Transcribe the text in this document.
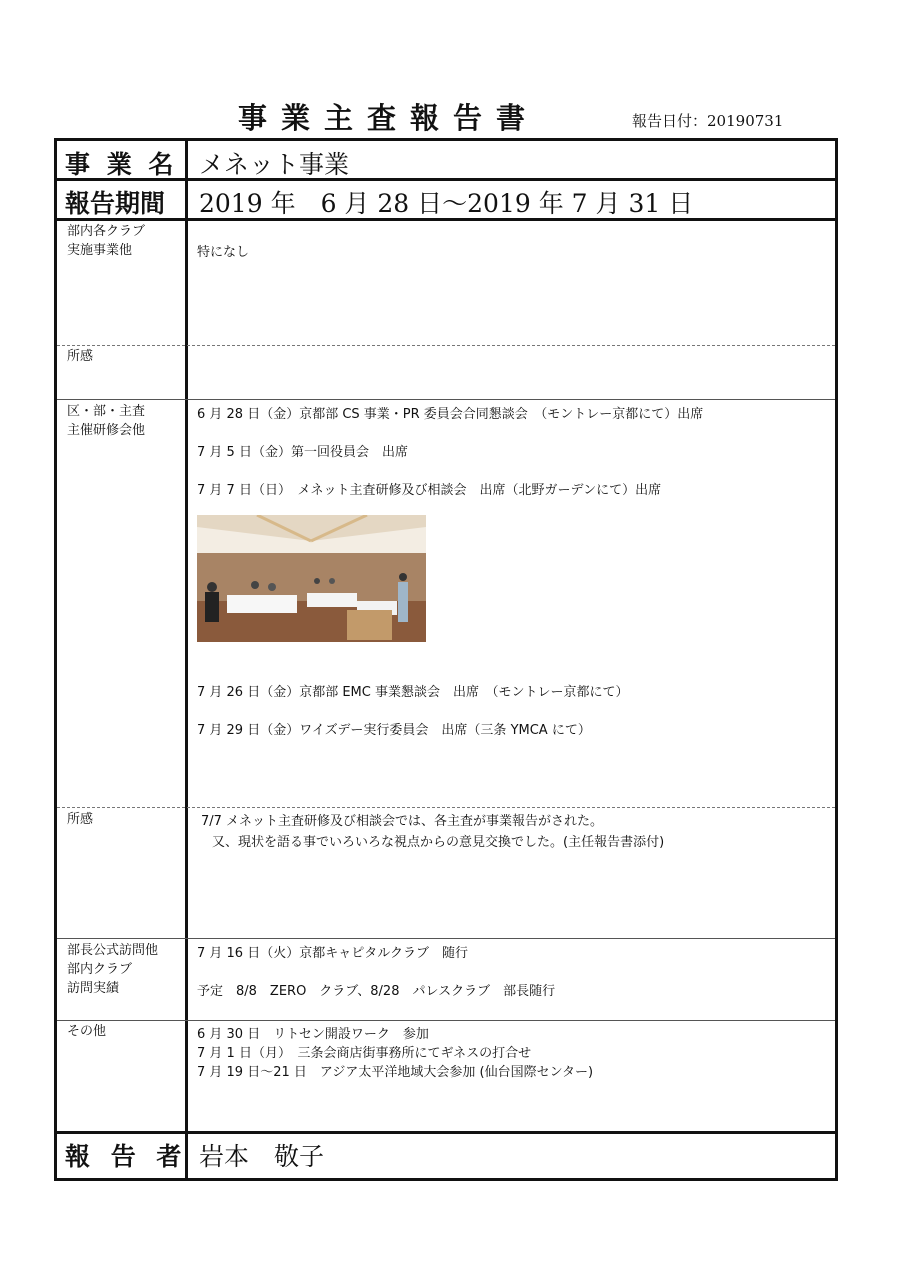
事業主査報告書	報告日付：20190731
事 業 名 メネット事業
報告期間 2019 年　6 月 28 日～2019 年 7 月 31 日
部内各クラブ
実施事業他	特になし
所感
区・部・主査
主催研修会他
6 月 28 日（金）京都部 CS 事業・PR 委員会合同懇談会　（モントレー京都にて）出席
7 月 5 日（金）第一回役員会　出席
7 月 7 日（日）　メネット主査研修及び相談会　出席（北野ガーデンにて）出席
7 月 26 日（金）京都部 EMC 事業懇談会　出席　（モントレー京都にて）
7 月 29 日（金）ワイズデー実行委員会　出席（三条 YMCA にて）
所感	7/7 メネット主査研修及び相談会では、各主査が事業報告がされた。
又、現状を語る事でいろいろな視点からの意見交換でした。(主任報告書添付)
部長公式訪問他
部内クラブ
訪問実績
7 月 16 日（火）京都キャピタルクラブ　随行
予定　8/8　ZERO　クラブ、8/28　パレスクラブ　部長随行
その他	6 月 30 日　リトセン開設ワーク　参加
7 月 1 日（月）　三条会商店街事務所にてギネスの打合せ
7 月 19 日～21 日　アジア太平洋地域大会参加 (仙台国際センター)
報 告 者 岩本　敬子
